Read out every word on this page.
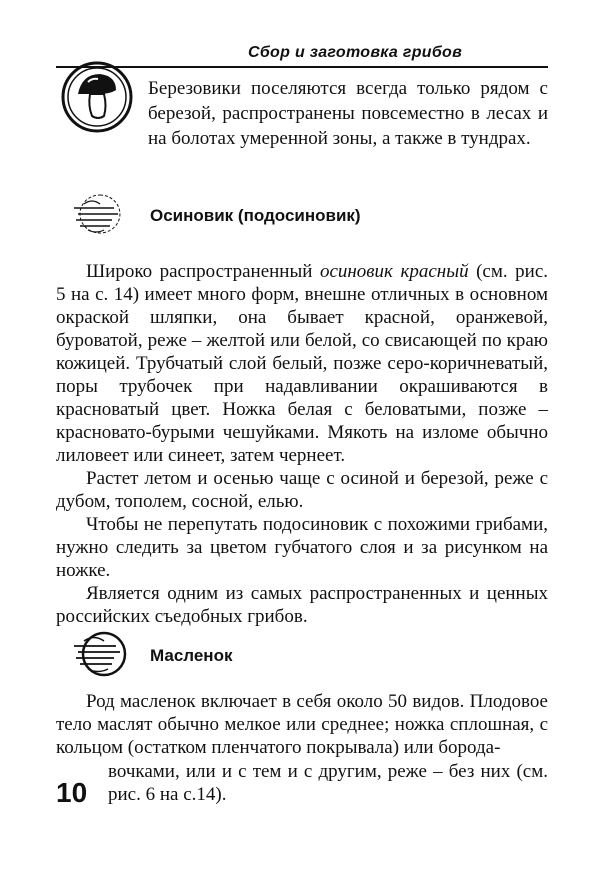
Сбор и заготовка грибов

Березовики поселяются всегда только рядом с березой, распространены повсеместно в лесах и на болотах умеренной зоны, а также в тундрах.

Осиновик (подосиновик)

Широко распространенный осиновик красный (см. рис. 5 на с. 14) имеет много форм, внешне отличных в основном окраской шляпки, она бывает красной, оранжевой, буроватой, реже – желтой или белой, со свисающей по краю кожицей. Трубчатый слой белый, позже серо-коричневатый, поры трубочек при надавливании окрашиваются в красноватый цвет. Ножка белая с беловатыми, позже – красновато-бурыми чешуйками. Мякоть на изломе обычно лиловеет или синеет, затем чернеет.

Растет летом и осенью чаще с осиной и березой, реже с дубом, тополем, сосной, елью.

Чтобы не перепутать подосиновик с похожими грибами, нужно следить за цветом губчатого слоя и за рисунком на ножке.

Является одним из самых распространенных и ценных российских съедобных грибов.

Масленок

Род масленок включает в себя около 50 видов. Плодовое тело маслят обычно мелкое или среднее; ножка сплошная, с кольцом (остатком пленчатого покрывала) или борода-

вочками, или и с тем и с другим, реже – без них (см. рис. 6 на с.14).

10
